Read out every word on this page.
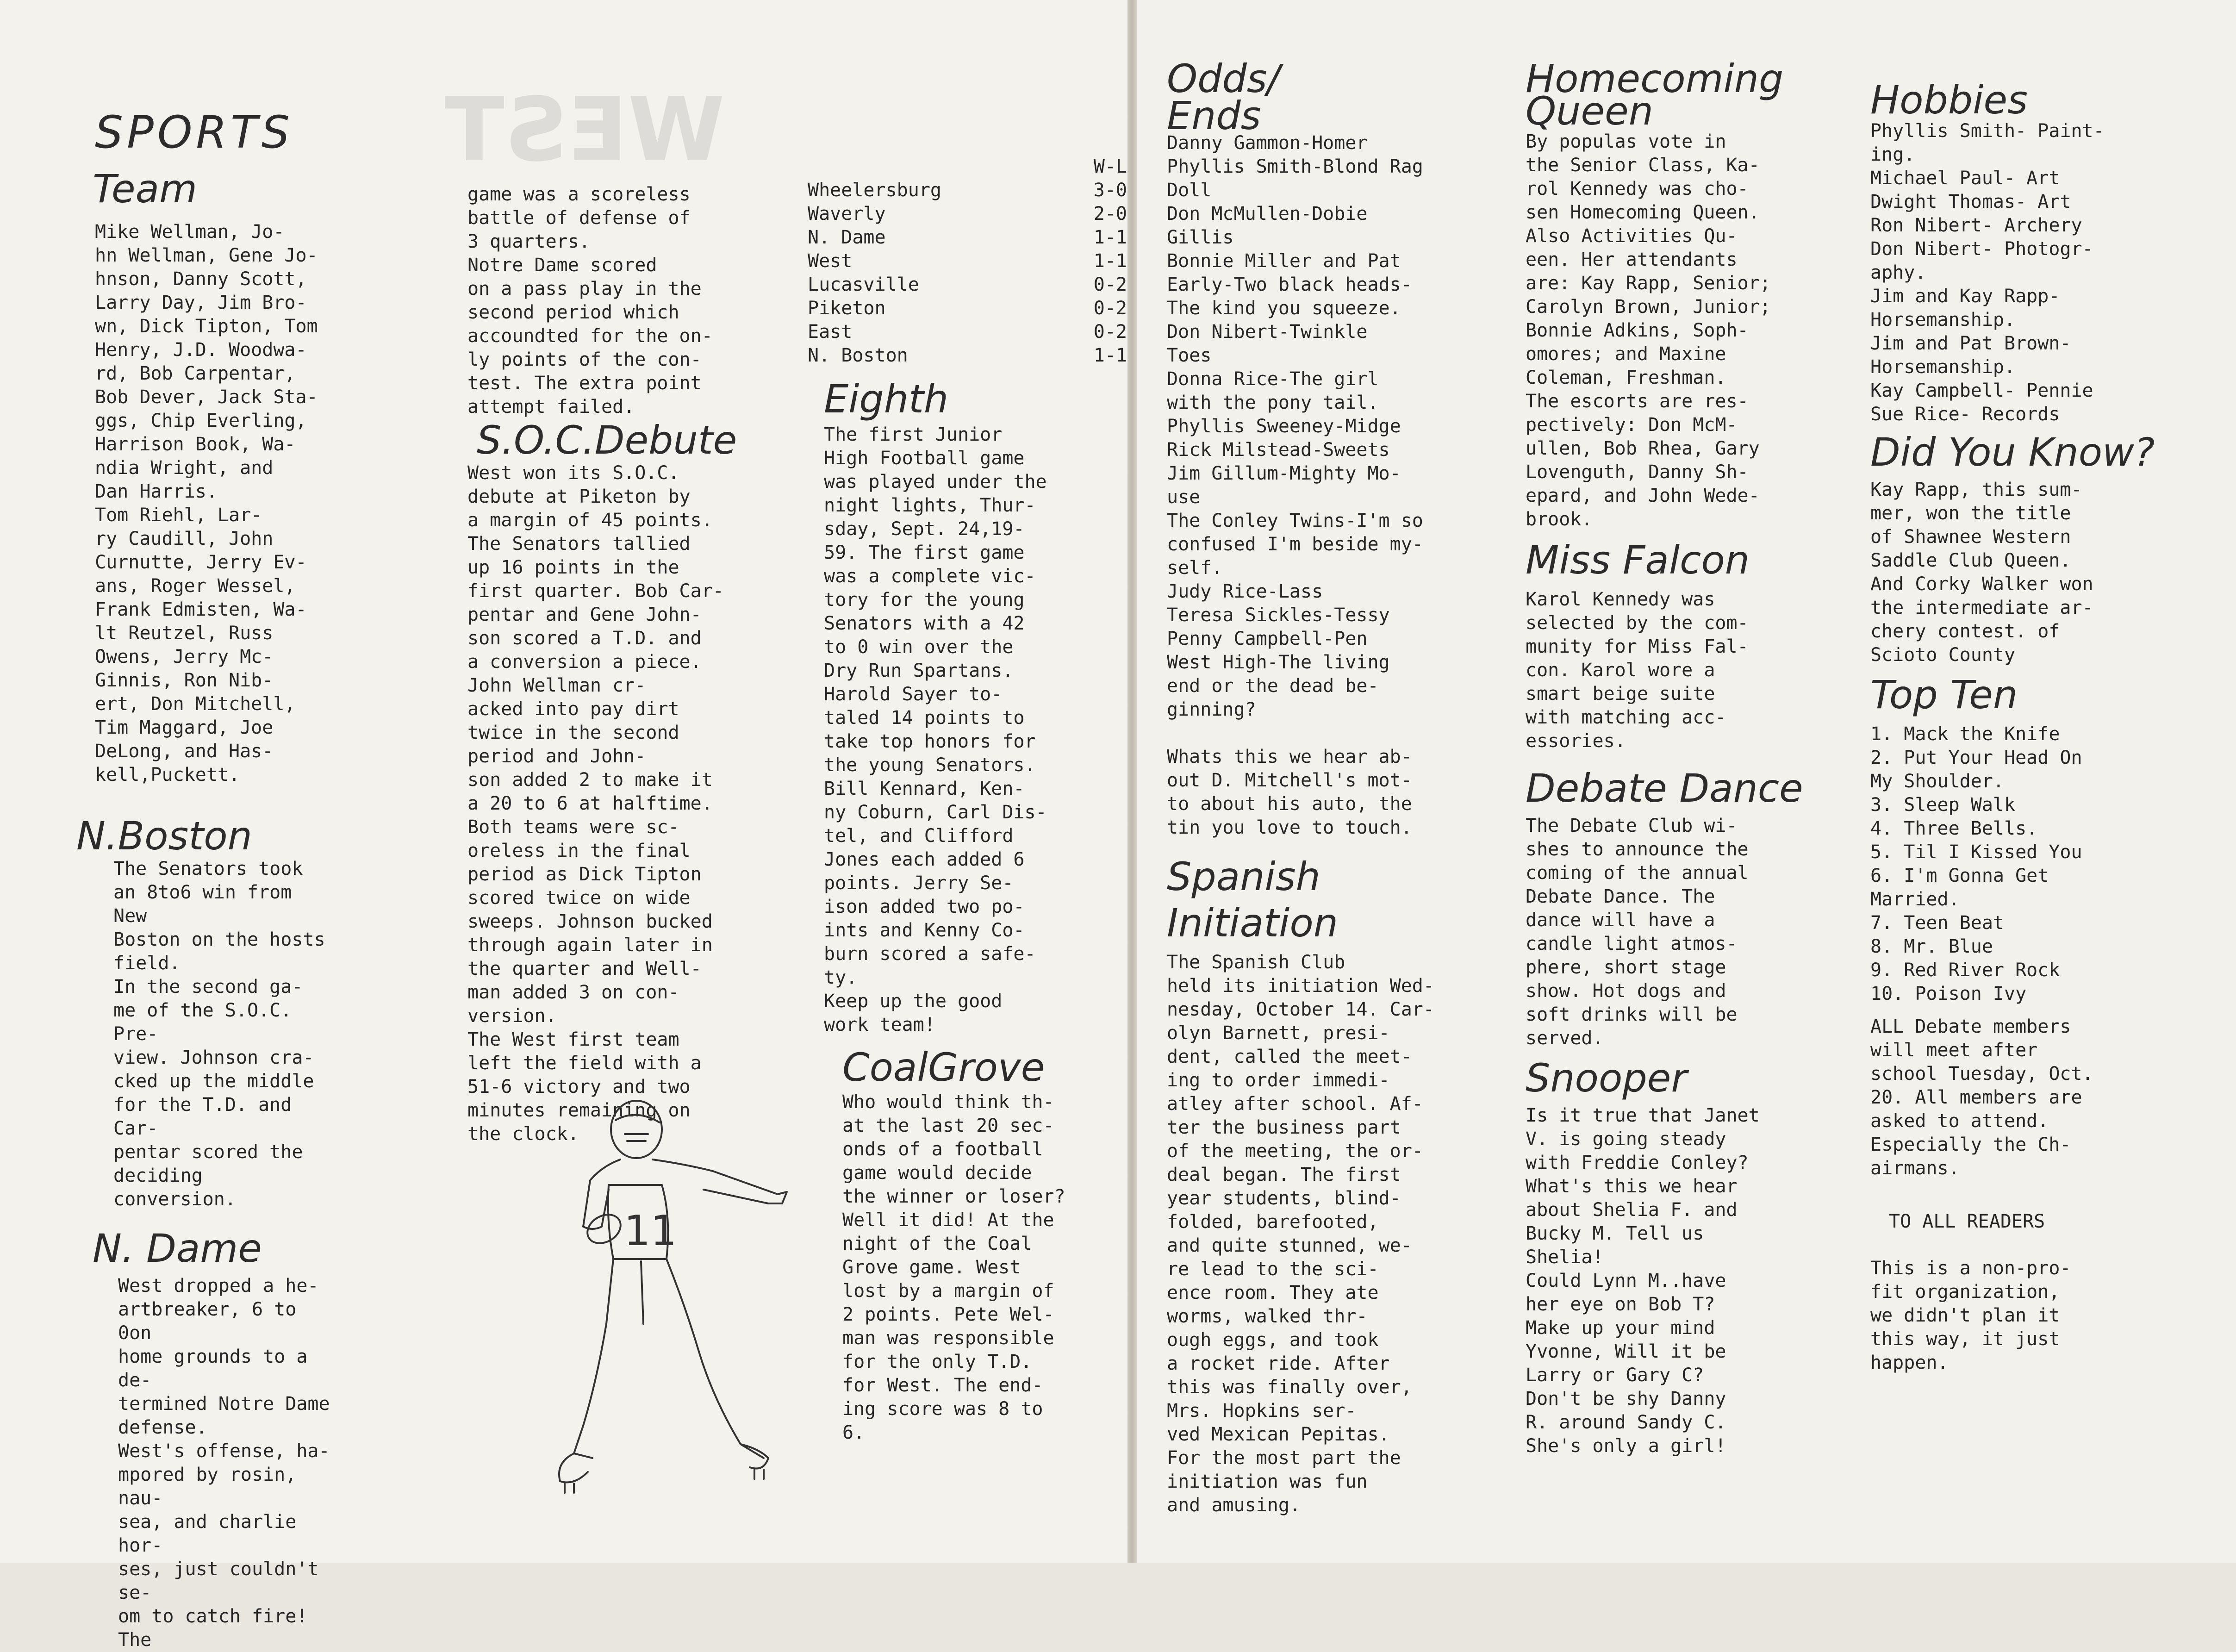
WEST
SPORTS
Team

Mike Wellman, Jo-
hn Wellman, Gene Jo-
hnson, Danny Scott,
Larry Day, Jim Bro-
wn, Dick Tipton, Tom
Henry, J.D. Woodwa-
rd, Bob Carpentar,
Bob Dever, Jack Sta-
ggs, Chip Everling,
Harrison Book, Wa-
ndia Wright, and
Dan Harris.
Tom Riehl, Lar-
ry Caudill, John
Curnutte, Jerry Ev-
ans, Roger Wessel,
Frank Edmisten, Wa-
lt Reutzel, Russ
Owens, Jerry Mc-
Ginnis, Ron Nib-
ert, Don Mitchell,
Tim Maggard, Joe
DeLong, and Has-
kell,Puckett.

N.Boston

The Senators took
an 8to6 win from New
Boston on the hosts
field.
In the second ga-
me of the S.O.C. Pre-
view. Johnson cra-
cked up the middle
for the T.D. and Car-
pentar scored the
deciding conversion.

N. Dame

West dropped a he-
artbreaker, 6 to 0on
home grounds to a de-
termined Notre Dame
defense.
West's offense, ha-
mpored by rosin, nau-
sea, and charlie hor-
ses, just couldn't se-
om to catch fire! The

game was a scoreless
battle of defense of
3 quarters.
Notre Dame scored
on a pass play in the
second period which
accoundted for the on-
ly points of the con-
test. The extra point
attempt failed.

S.O.C.Debute

West won its S.O.C.
debute at Piketon by
a margin of 45 points.
The Senators tallied
up 16 points in the
first quarter. Bob Car-
pentar and Gene John-
son scored a T.D. and
a conversion a piece.
John Wellman cr-
acked into pay dirt
twice in the second
period and John-
son added 2 to make it
a 20 to 6 at halftime.
Both teams were sc-
oreless in the final
period as Dick Tipton
scored twice on wide
sweeps. Johnson bucked
through again later in
the quarter and Well-
man added 3 on con-
version.
The West first team
left the field with a
51-6 victory and two
minutes remaining on
the clock.

	W-L
Wheelersburg	3-0
Waverly	2-0
N. Dame	1-1
West	1-1
Lucasville	0-2
Piketon	0-2
East	0-2
N. Boston	1-1
Eighth

The first Junior
High Football game
was played under the
night lights, Thur-
sday, Sept. 24,19-
59. The first game
was a complete vic-
tory for the young
Senators with a 42
to 0 win over the
Dry Run Spartans.
Harold Sayer to-
taled 14 points to
take top honors for
the young Senators.
Bill Kennard, Ken-
ny Coburn, Carl Dis-
tel, and Clifford
Jones each added 6
points. Jerry Se-
ison added two po-
ints and Kenny Co-
burn scored a safe-
ty.
Keep up the good
work team!

CoalGrove

Who would think th-
at the last 20 sec-
onds of a football
game would decide
the winner or loser?
Well it did! At the
night of the Coal
Grove game. West
lost by a margin of
2 points. Pete Wel-
man was responsible
for the only T.D.
for West. The end-
ing score was 8 to
6.

11
Odds/
Ends

Danny Gammon-Homer
Phyllis Smith-Blond Rag
Doll
Don McMullen-Dobie
Gillis
Bonnie Miller and Pat
Early-Two black heads-
The kind you squeeze.
Don Nibert-Twinkle
Toes
Donna Rice-The girl
with the pony tail.
Phyllis Sweeney-Midge
Rick Milstead-Sweets
Jim Gillum-Mighty Mo-
use
The Conley Twins-I'm so
confused I'm beside my-
self.
Judy Rice-Lass
Teresa Sickles-Tessy
Penny Campbell-Pen
West High-The living
end or the dead be-
ginning?

Whats this we hear ab-
out D. Mitchell's mot-
to about his auto, the
tin you love to touch.

Spanish
Initiation

The Spanish Club
held its initiation Wed-
nesday, October 14. Car-
olyn Barnett, presi-
dent, called the meet-
ing to order immedi-
atley after school. Af-
ter the business part
of the meeting, the or-
deal began. The first
year students, blind-
folded, barefooted,
and quite stunned, we-
re lead to the sci-
ence room. They ate
worms, walked thr-
ough eggs, and took
a rocket ride. After
this was finally over,
Mrs. Hopkins ser-
ved Mexican Pepitas.
For the most part the
initiation was fun
and amusing.

Homecoming
Queen

By populas vote in
the Senior Class, Ka-
rol Kennedy was cho-
sen Homecoming Queen.
Also Activities Qu-
een. Her attendants
are: Kay Rapp, Senior;
Carolyn Brown, Junior;
Bonnie Adkins, Soph-
omores; and Maxine
Coleman, Freshman.
The escorts are res-
pectively: Don McM-
ullen, Bob Rhea, Gary
Lovenguth, Danny Sh-
epard, and John Wede-
brook.

Miss Falcon

Karol Kennedy was
selected by the com-
munity for Miss Fal-
con. Karol wore a
smart beige suite
with matching acc-
essories.

Debate Dance

The Debate Club wi-
shes to announce the
coming of the annual
Debate Dance. The
dance will have a
candle light atmos-
phere, short stage
show. Hot dogs and
soft drinks will be
served.

Snooper

Is it true that Janet
V. is going steady
with Freddie Conley?
What's this we hear
about Shelia F. and
Bucky M. Tell us
Shelia!
Could Lynn M..have
her eye on Bob T?
Make up your mind
Yvonne, Will it be
Larry or Gary C?
Don't be shy Danny
R. around Sandy C.
She's only a girl!

Hobbies

Phyllis Smith- Paint-
ing.
Michael Paul- Art
Dwight Thomas- Art
Ron Nibert- Archery
Don Nibert- Photogr-
aphy.
Jim and Kay Rapp-
Horsemanship.
Jim and Pat Brown-
Horsemanship.
Kay Campbell- Pennie
Sue Rice- Records

Did You Know?

Kay Rapp, this sum-
mer, won the title
of Shawnee Western
Saddle Club Queen.
And Corky Walker won
the intermediate ar-
chery contest. of
Scioto County

Top Ten

1. Mack the Knife
2. Put Your Head On
My Shoulder.
3. Sleep Walk
4. Three Bells.
5. Til I Kissed You
6. I'm Gonna Get
Married.
7. Teen Beat
8. Mr. Blue
9. Red River Rock
10. Poison Ivy

ALL Debate members
will meet after
school Tuesday, Oct.
20. All members are
asked to attend.
Especially the Ch-
airmans.

TO ALL READERS

This is a non-pro-
fit organization,
we didn't plan it
this way, it just
happen.
